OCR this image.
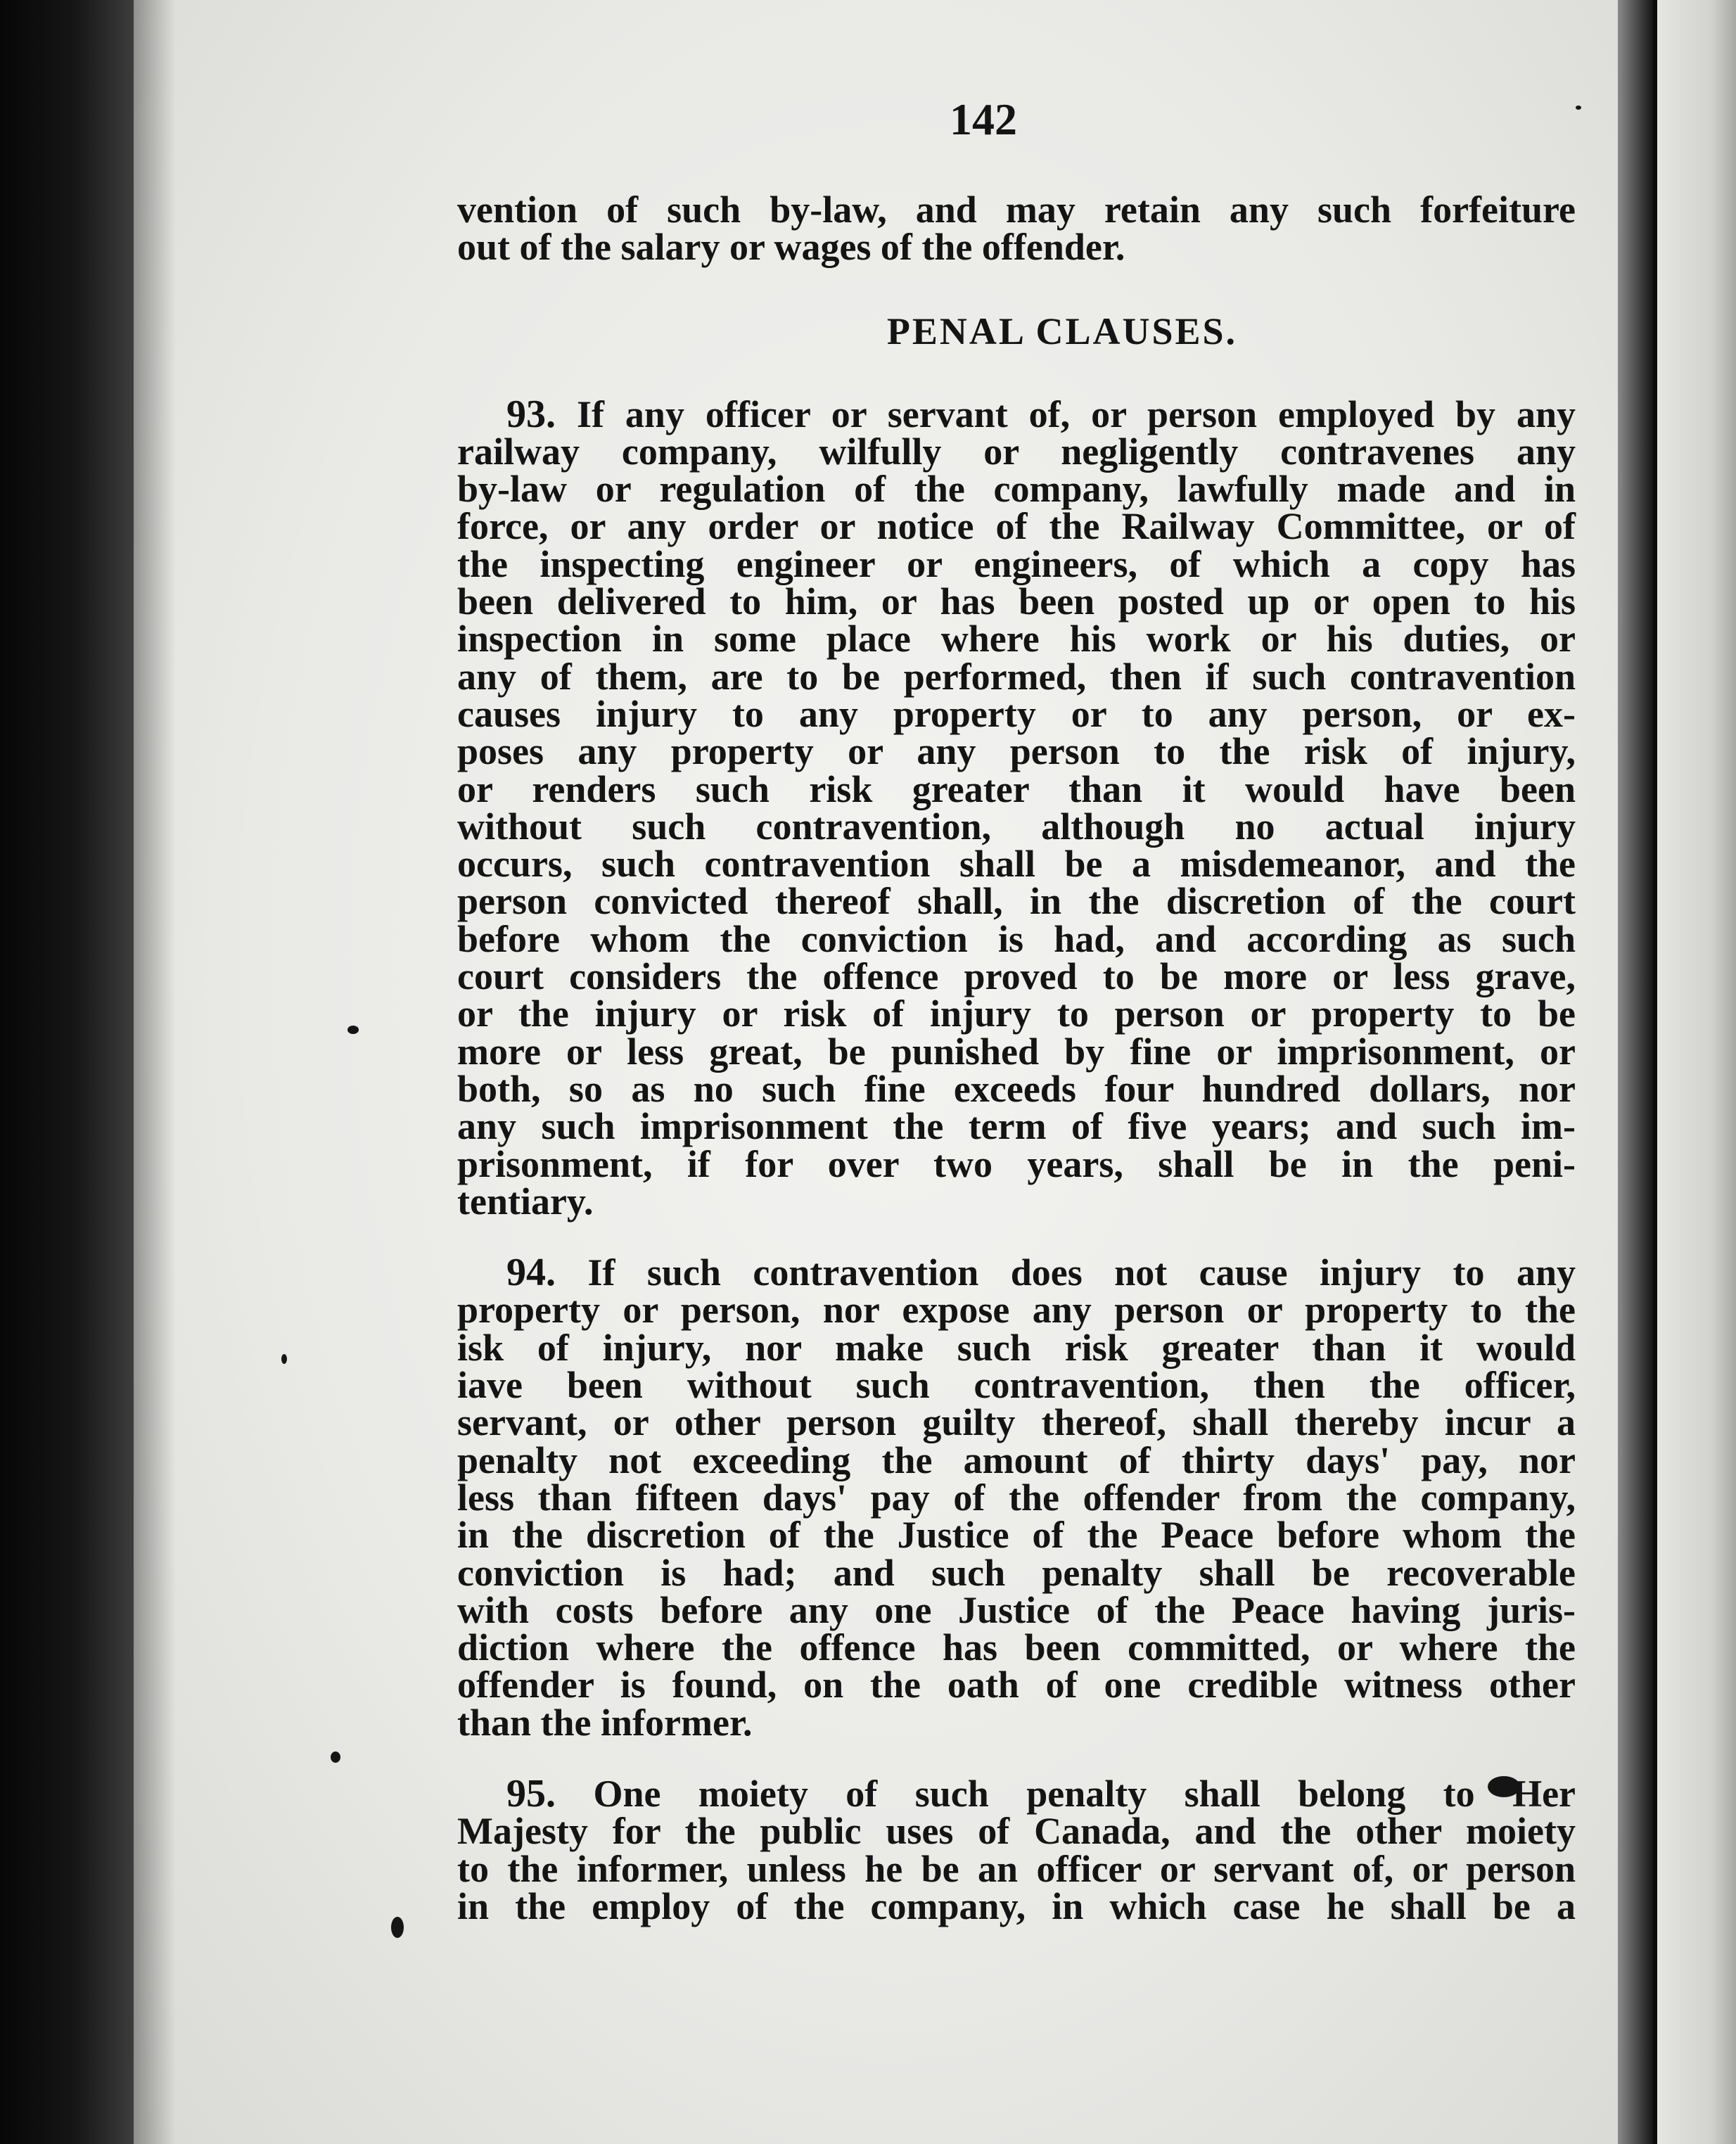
142
vention of such by-law, and may retain any such forfeiture
out of the salary or wages of the offender.
PENAL CLAUSES.
93. If any officer or servant of, or person employed by any
railway company, wilfully or negligently contravenes any
by-law or regulation of the company, lawfully made and in
force, or any order or notice of the Railway Committee, or of
the inspecting engineer or engineers, of which a copy has
been delivered to him, or has been posted up or open to his
inspection in some place where his work or his duties, or
any of them, are to be performed, then if such contravention
causes injury to any property or to any person, or ex-
poses any property or any person to the risk of injury,
or renders such risk greater than it would have been
without such contravention, although no actual injury
occurs, such contravention shall be a misdemeanor, and the
person convicted thereof shall, in the discretion of the court
before whom the conviction is had, and according as such
court considers the offence proved to be more or less grave,
or the injury or risk of injury to person or property to be
more or less great, be punished by fine or imprisonment, or
both, so as no such fine exceeds four hundred dollars, nor
any such imprisonment the term of five years; and such im-
prisonment, if for over two years, shall be in the peni-
tentiary.
94. If such contravention does not cause injury to any
property or person, nor expose any person or property to the
isk of injury, nor make such risk greater than it would
iave been without such contravention, then the officer,
servant, or other person guilty thereof, shall thereby incur a
penalty not exceeding the amount of thirty days' pay, nor
less than fifteen days' pay of the offender from the company,
in the discretion of the Justice of the Peace before whom the
conviction is had; and such penalty shall be recoverable
with costs before any one Justice of the Peace having juris-
diction where the offence has been committed, or where the
offender is found, on the oath of one credible witness other
than the informer.
95. One moiety of such penalty shall belong to Her
Majesty for the public uses of Canada, and the other moiety
to the informer, unless he be an officer or servant of, or person
in the employ of the company, in which case he shall be a
